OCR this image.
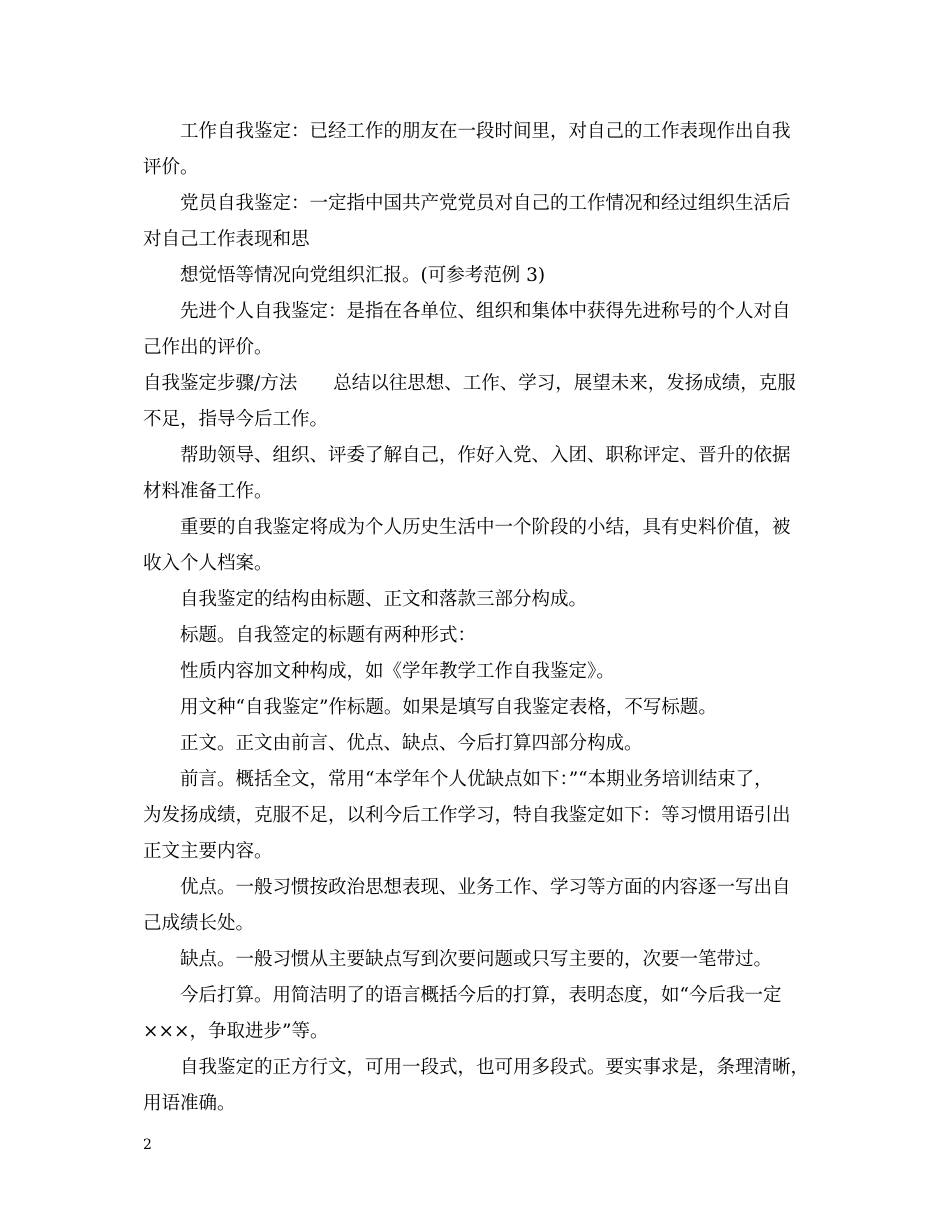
工作自我鉴定：已经工作的朋友在一段时间里，对自己的工作表现作出自我
评价。
党员自我鉴定：一定指中国共产党党员对自己的工作情况和经过组织生活后
对自己工作表现和思
想觉悟等情况向党组织汇报。(可参考范例 3)
先进个人自我鉴定：是指在各单位、组织和集体中获得先进称号的个人对自
己作出的评价。
自我鉴定步骤/方法 总结以往思想、工作、学习，展望未来，发扬成绩，克服
不足，指导今后工作。
帮助领导、组织、评委了解自己，作好入党、入团、职称评定、晋升的依据
材料准备工作。
重要的自我鉴定将成为个人历史生活中一个阶段的小结，具有史料价值，被
收入个人档案。
自我鉴定的结构由标题、正文和落款三部分构成。
标题。自我签定的标题有两种形式：
性质内容加文种构成，如《学年教学工作自我鉴定》。
用文种“自我鉴定”作标题。如果是填写自我鉴定表格，不写标题。
正文。正文由前言、优点、缺点、今后打算四部分构成。
前言。概括全文，常用“本学年个人优缺点如下：”“本期业务培训结束了，
为发扬成绩，克服不足，以利今后工作学习，特自我鉴定如下：等习惯用语引出
正文主要内容。
优点。一般习惯按政治思想表现、业务工作、学习等方面的内容逐一写出自
己成绩长处。
缺点。一般习惯从主要缺点写到次要问题或只写主要的，次要一笔带过。
今后打算。用简洁明了的语言概括今后的打算，表明态度，如“今后我一定
×××，争取进步”等。
自我鉴定的正方行文，可用一段式，也可用多段式。要实事求是，条理清晰，
用语准确。
2
